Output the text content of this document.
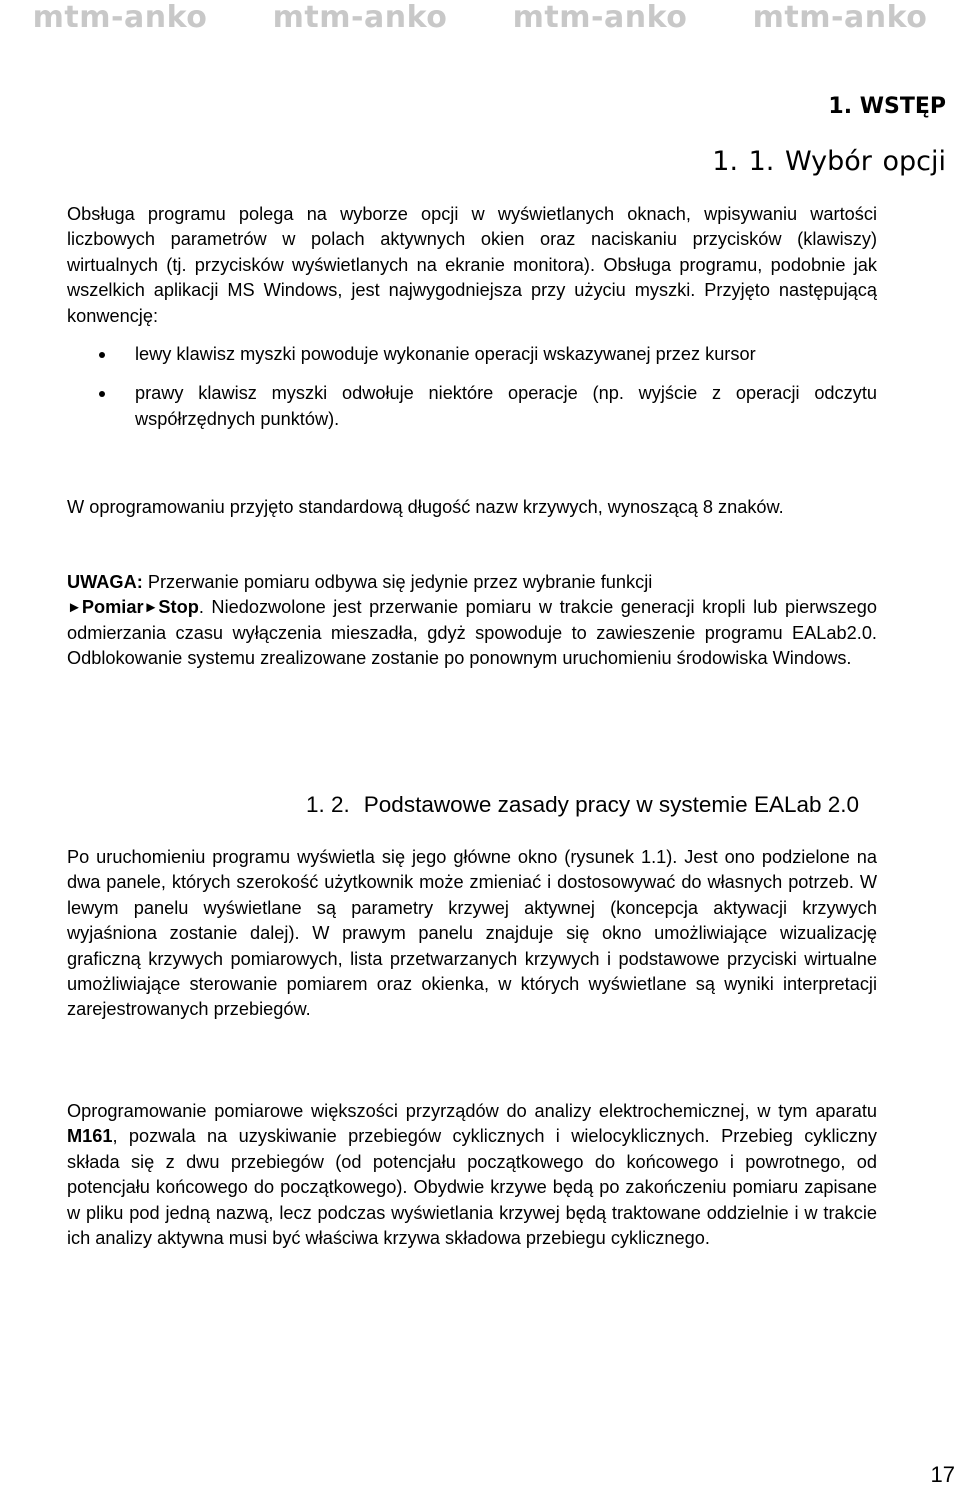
mtm-anko mtm-anko mtm-anko mtm-anko
1. WSTĘP
1. 1. Wybór opcji

Obsługa programu polega na wyborze opcji w wyświetlanych oknach, wpisywaniu wartości liczbowych parametrów w polach aktywnych okien oraz naciskaniu przycisków (klawiszy) wirtualnych (tj. przycisków wyświetlanych na ekranie monitora). Obsługa programu, podobnie jak wszelkich aplikacji MS Windows, jest najwygodniejsza przy użyciu myszki. Przyjęto następującą konwencję:

lewy klawisz myszki powoduje wykonanie operacji wskazywanej przez kursor
prawy klawisz myszki odwołuje niektóre operacje (np. wyjście z operacji odczytu współrzędnych punktów).

W oprogramowaniu przyjęto standardową długość nazw krzywych, wynoszącą 8 znaków.

UWAGA: Przerwanie pomiaru odbywa się jedynie przez wybranie funkcji
►Pomiar►Stop. Niedozwolone jest przerwanie pomiaru w trakcie generacji kropli lub pierwszego odmierzania czasu wyłączenia mieszadła, gdyż spowoduje to zawieszenie programu EALab2.0. Odblokowanie systemu zrealizowane zostanie po ponownym uruchomieniu środowiska Windows.

1. 2. Podstawowe zasady pracy w systemie EALab 2.0

Po uruchomieniu programu wyświetla się jego główne okno (rysunek 1.1). Jest ono podzielone na dwa panele, których szerokość użytkownik może zmieniać i dostosowywać do własnych potrzeb. W lewym panelu wyświetlane są parametry krzywej aktywnej (koncepcja aktywacji krzywych wyjaśniona zostanie dalej). W prawym panelu znajduje się okno umożliwiające wizualizację graficzną krzywych pomiarowych, lista przetwarzanych krzywych i podstawowe przyciski wirtualne umożliwiające sterowanie pomiarem oraz okienka, w których wyświetlane są wyniki interpretacji zarejestrowanych przebiegów.

Oprogramowanie pomiarowe większości przyrządów do analizy elektrochemicznej, w tym aparatu M161, pozwala na uzyskiwanie przebiegów cyklicznych i wielocyklicznych. Przebieg cykliczny składa się z dwu przebiegów (od potencjału początkowego do końcowego i powrotnego, od potencjału końcowego do początkowego). Obydwie krzywe będą po zakończeniu pomiaru zapisane w pliku pod jedną nazwą, lecz podczas wyświetlania krzywej będą traktowane oddzielnie i w trakcie ich analizy aktywna musi być właściwa krzywa składowa przebiegu cyklicznego.

17
